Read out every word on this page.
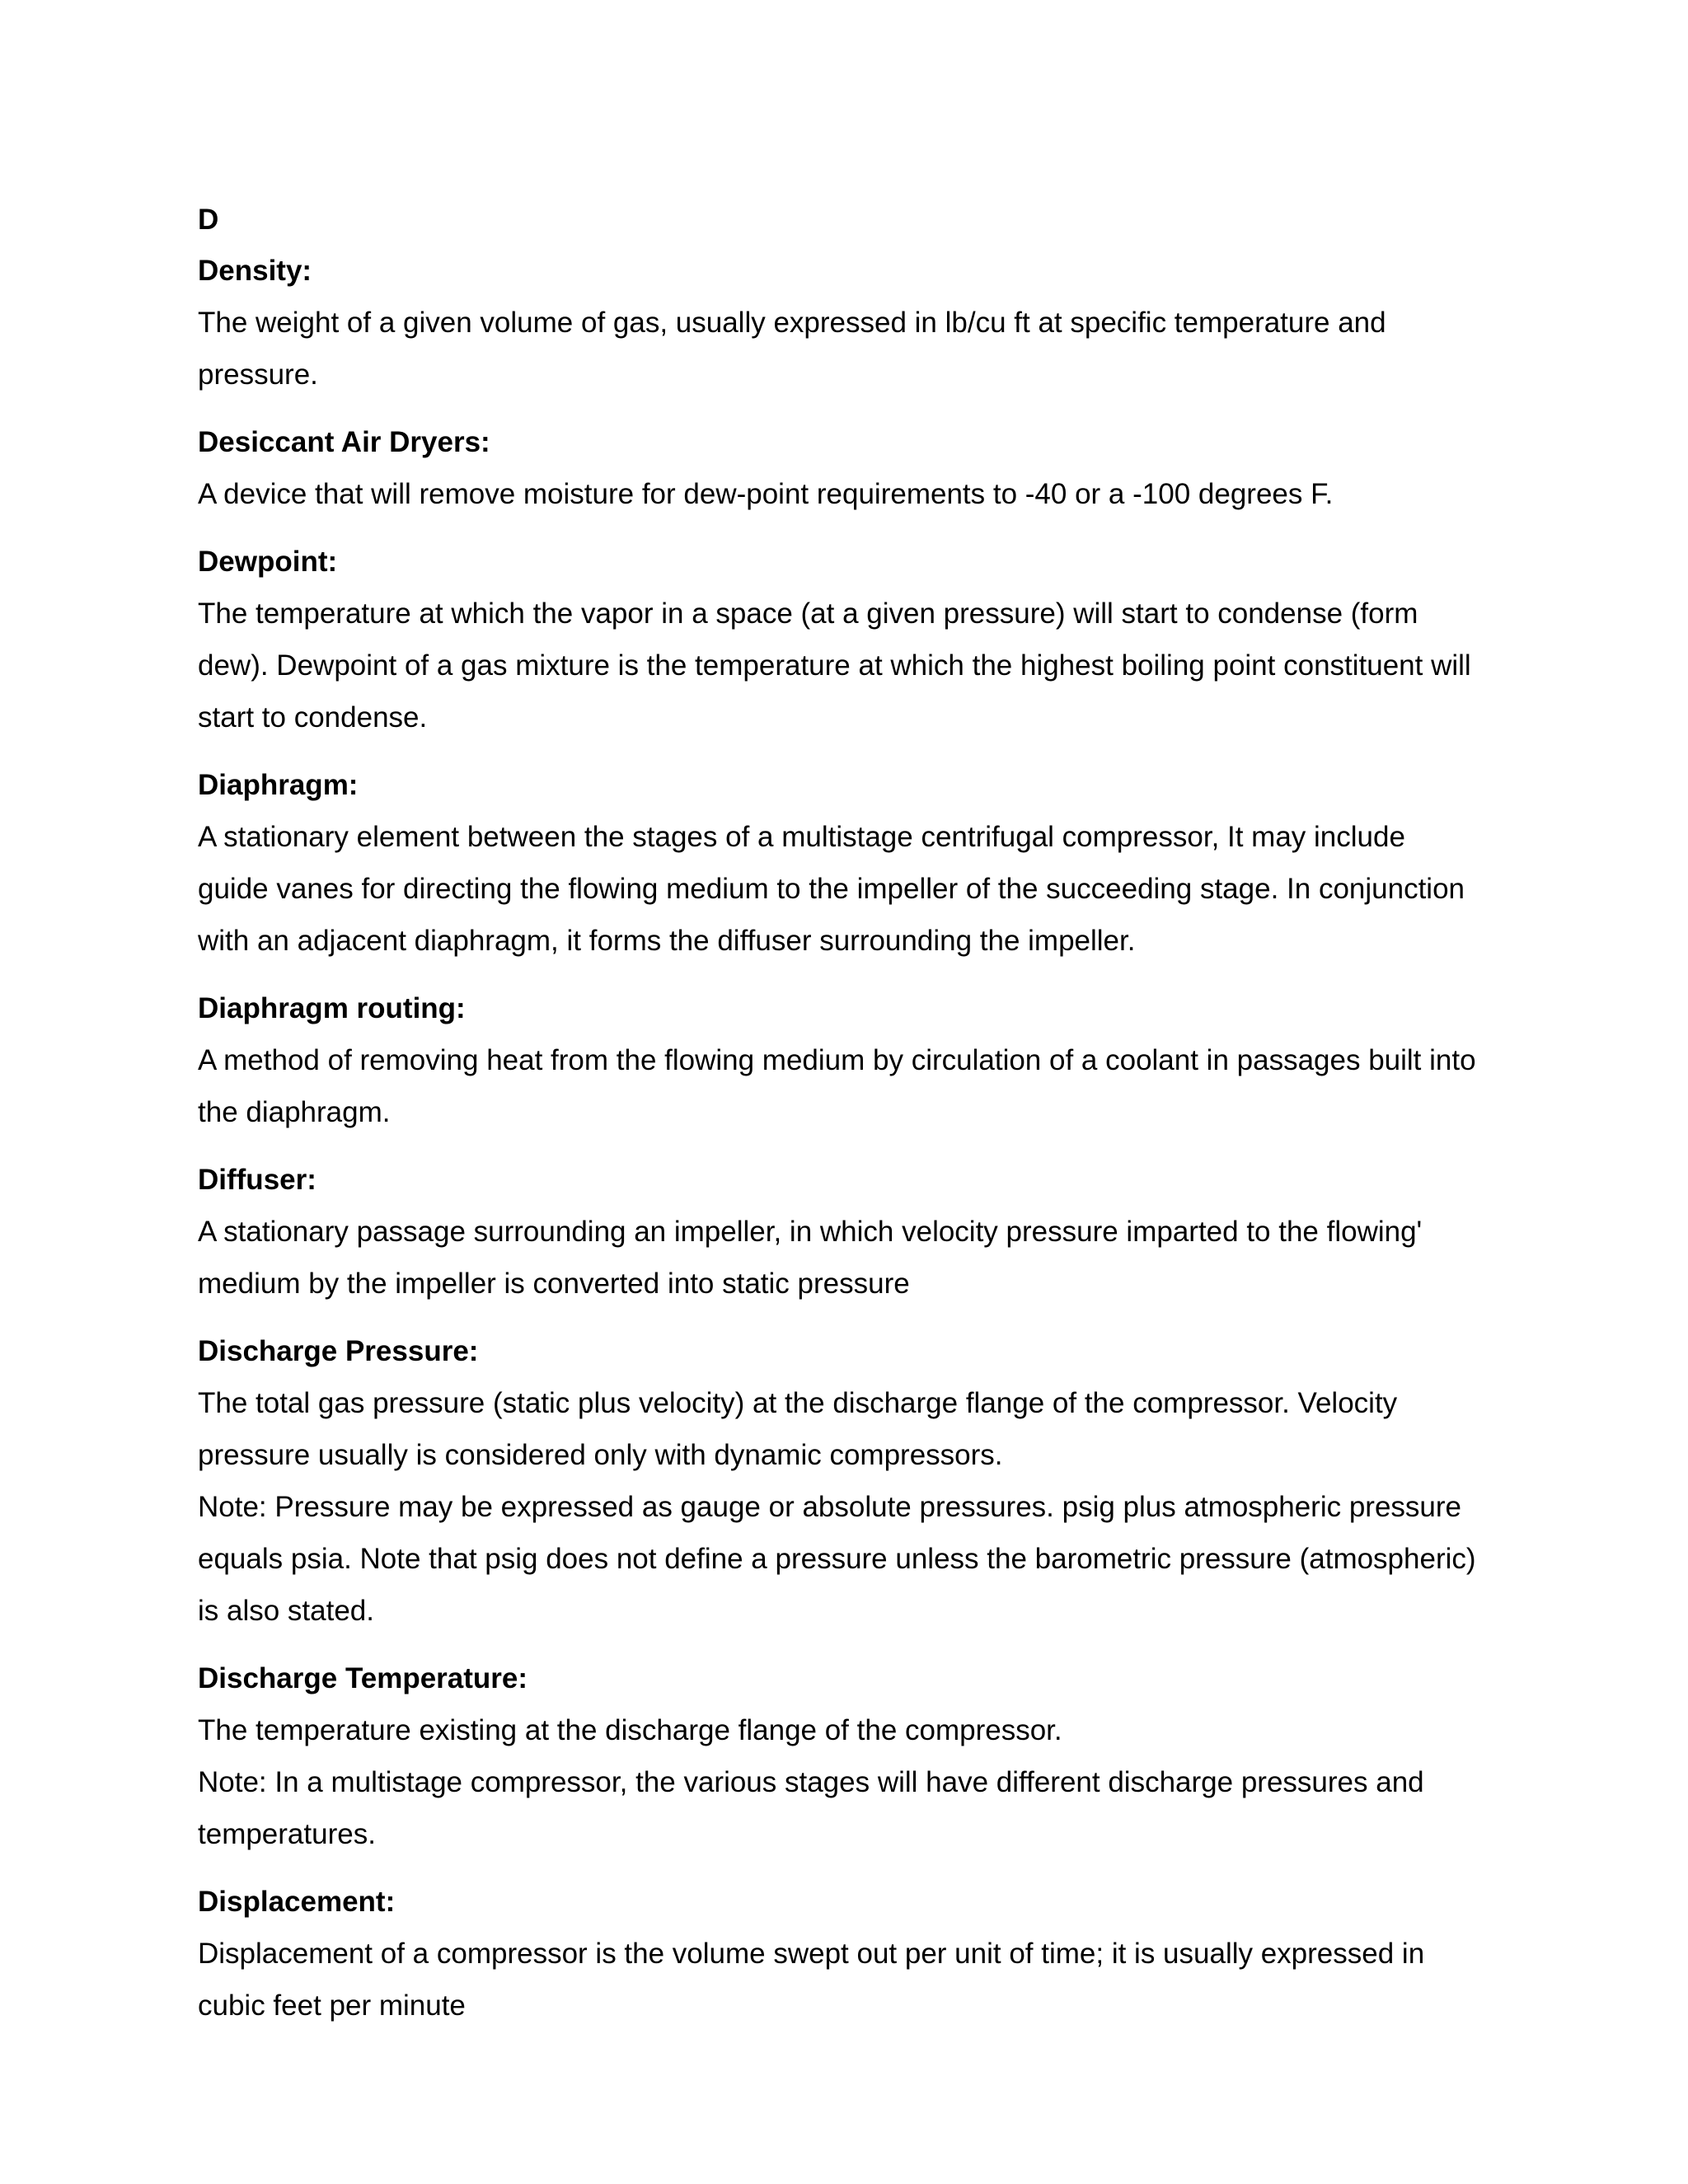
D

Density:

The weight of a given volume of gas, usually expressed in lb/cu ft at specific temperature and pressure.

Desiccant Air Dryers:

A device that will remove moisture for dew-point requirements to -40 or a -100 degrees F.

Dewpoint:

The temperature at which the vapor in a space (at a given pressure) will start to condense (form dew). Dewpoint of a gas mixture is the temperature at which the highest boiling point constituent will start to condense.

Diaphragm:

A stationary element between the stages of a multistage centrifugal compressor, It may include guide vanes for directing the flowing medium to the impeller of the succeeding stage. In conjunction with an adjacent diaphragm, it forms the diffuser surrounding the impeller.

Diaphragm routing:

A method of removing heat from the flowing medium by circulation of a coolant in passages built into the diaphragm.

Diffuser:

A stationary passage surrounding an impeller, in which velocity pressure imparted to the flowing' medium by the impeller is converted into static pressure

Discharge Pressure:

The total gas pressure (static plus velocity) at the discharge flange of the compressor. Velocity pressure usually is considered only with dynamic compressors.

Note: Pressure may be expressed as gauge or absolute pressures. psig plus atmospheric pressure equals psia. Note that psig does not define a pressure unless the barometric pressure (atmospheric) is also stated.

Discharge Temperature:

The temperature existing at the discharge flange of the compressor.

Note: In a multistage compressor, the various stages will have different discharge pressures and temperatures.

Displacement:

Displacement of a compressor is the volume swept out per unit of time; it is usually expressed in cubic feet per minute
